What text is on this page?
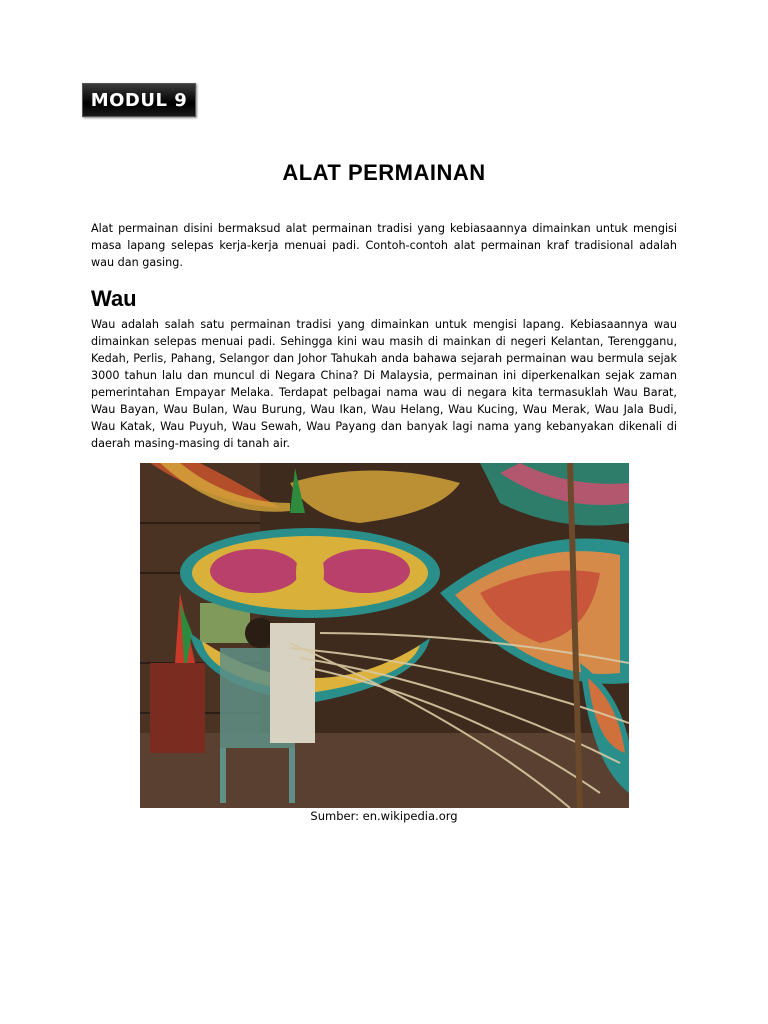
MODUL 9
ALAT PERMAINAN

Alat permainan disini bermaksud alat permainan tradisi yang kebiasaannya dimainkan untuk mengisi masa lapang selepas kerja-kerja menuai padi. Contoh-contoh alat permainan kraf tradisional adalah wau dan gasing.

Wau

Wau adalah salah satu permainan tradisi yang dimainkan untuk mengisi lapang. Kebiasaannya wau dimainkan selepas menuai padi. Sehingga kini wau masih di mainkan di negeri Kelantan, Terengganu, Kedah, Perlis, Pahang, Selangor dan Johor Tahukah anda bahawa sejarah permainan wau bermula sejak 3000 tahun lalu dan muncul di Negara China? Di Malaysia, permainan ini diperkenalkan sejak zaman pemerintahan Empayar Melaka. Terdapat pelbagai nama wau di negara kita termasuklah Wau Barat, Wau Bayan, Wau Bulan, Wau Burung, Wau Ikan, Wau Helang, Wau Kucing, Wau Merak, Wau Jala Budi, Wau Katak, Wau Puyuh, Wau Sewah, Wau Payang dan banyak lagi nama yang kebanyakan dikenali di daerah masing-masing di tanah air.

Sumber: en.wikipedia.org
